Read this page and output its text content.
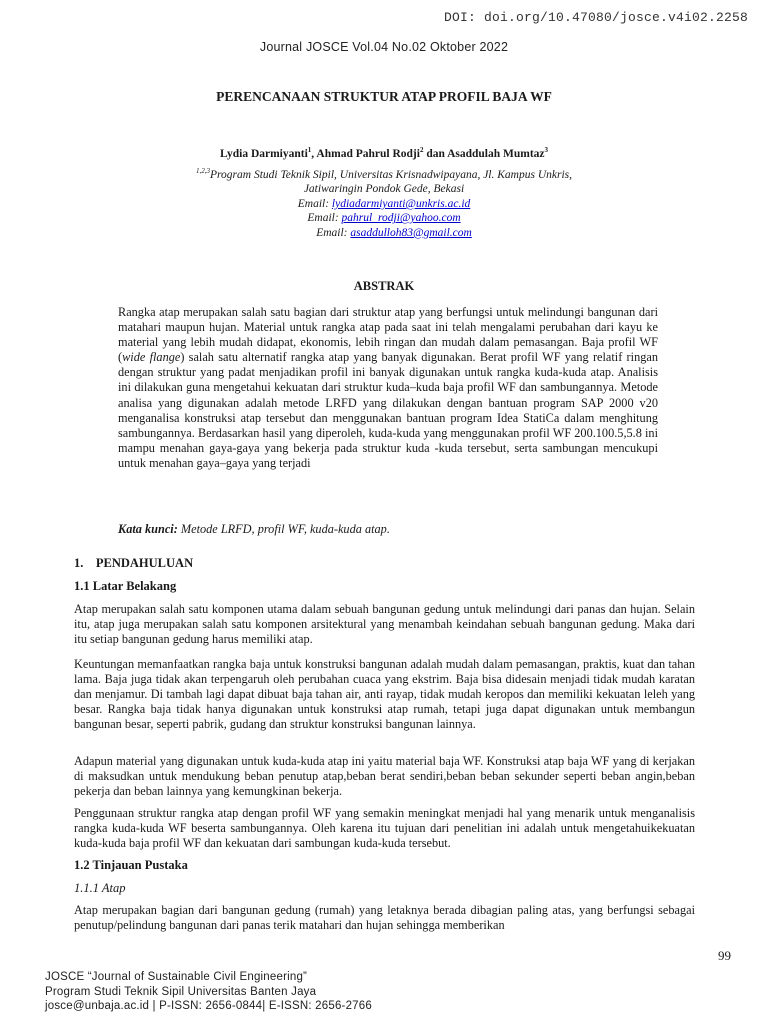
DOI: doi.org/10.47080/josce.v4i02.2258
Journal JOSCE Vol.04 No.02 Oktober 2022
PERENCANAAN STRUKTUR ATAP PROFIL BAJA WF
Lydia Darmiyanti$^1$, Ahmad Pahrul Rodji$^2$ dan Asaddulah Mumtaz$^3$
$^{1,2,3}$Program Studi Teknik Sipil, Universitas Krisnadwipayana, Jl. Kampus Unkris,
Jatiwaringin Pondok Gede, Bekasi
Email: lydiadarmiyanti@unkris.ac.id
Email: pahrul_rodji@yahoo.com
Email: asaddulloh83@gmail.com
ABSTRAK
Rangka atap merupakan salah satu bagian dari struktur atap yang berfungsi untuk melindungi bangunan dari matahari maupun hujan. Material untuk rangka atap pada saat ini telah mengalami perubahan dari kayu ke material yang lebih mudah didapat, ekonomis, lebih ringan dan mudah dalam pemasangan. Baja profil WF (wide flange) salah satu alternatif rangka atap yang banyak digunakan. Berat profil WF yang relatif ringan dengan struktur yang padat menjadikan profil ini banyak digunakan untuk rangka kuda-kuda atap. Analisis ini dilakukan guna mengetahui kekuatan dari struktur kuda–kuda baja profil WF dan sambungannya. Metode analisa yang digunakan adalah metode LRFD yang dilakukan dengan bantuan program SAP 2000 v20 menganalisa konstruksi atap tersebut dan menggunakan bantuan program Idea StatiCa dalam menghitung sambungannya. Berdasarkan hasil yang diperoleh, kuda-kuda yang menggunakan profil WF 200.100.5,5.8 ini mampu menahan gaya-gaya yang bekerja pada struktur kuda -kuda tersebut, serta sambungan mencukupi untuk menahan gaya–gaya yang terjadi
Kata kunci: Metode LRFD, profil WF, kuda-kuda atap.
1.    PENDAHULUAN
1.1 Latar Belakang
Atap merupakan salah satu komponen utama dalam sebuah bangunan gedung untuk melindungi dari panas dan hujan. Selain itu, atap juga merupakan salah satu komponen arsitektural yang menambah keindahan sebuah bangunan gedung. Maka dari itu setiap bangunan gedung harus memiliki atap.
Keuntungan memanfaatkan rangka baja untuk konstruksi bangunan adalah mudah dalam pemasangan, praktis, kuat dan tahan lama. Baja juga tidak akan terpengaruh oleh perubahan cuaca yang ekstrim. Baja bisa didesain menjadi tidak mudah karatan dan menjamur. Di tambah lagi dapat dibuat baja tahan air, anti rayap, tidak mudah keropos dan memiliki kekuatan leleh yang besar. Rangka baja tidak hanya digunakan untuk konstruksi atap rumah, tetapi juga dapat digunakan untuk membangun bangunan besar, seperti pabrik, gudang dan struktur konstruksi bangunan lainnya.
Adapun material yang digunakan untuk kuda-kuda atap ini yaitu material baja WF. Konstruksi atap baja WF yang di kerjakan di maksudkan untuk mendukung beban penutup atap,beban berat sendiri,beban beban sekunder seperti beban angin,beban pekerja dan beban lainnya yang kemungkinan bekerja.
Penggunaan struktur rangka atap dengan profil WF yang semakin meningkat menjadi hal yang menarik untuk menganalisis rangka kuda-kuda WF beserta sambungannya. Oleh karena itu tujuan dari penelitian ini adalah untuk mengetahuikekuatan kuda-kuda baja profil WF dan kekuatan dari sambungan kuda-kuda tersebut.
1.2 Tinjauan Pustaka
1.1.1 Atap
Atap merupakan bagian dari bangunan gedung (rumah) yang letaknya berada dibagian paling atas, yang berfungsi sebagai penutup/pelindung bangunan dari panas terik matahari dan hujan sehingga memberikan
99
JOSCE “Journal of Sustainable Civil Engineering”
Program Studi Teknik Sipil Universitas Banten Jaya
josce@unbaja.ac.id | P-ISSN: 2656-0844| E-ISSN: 2656-2766
